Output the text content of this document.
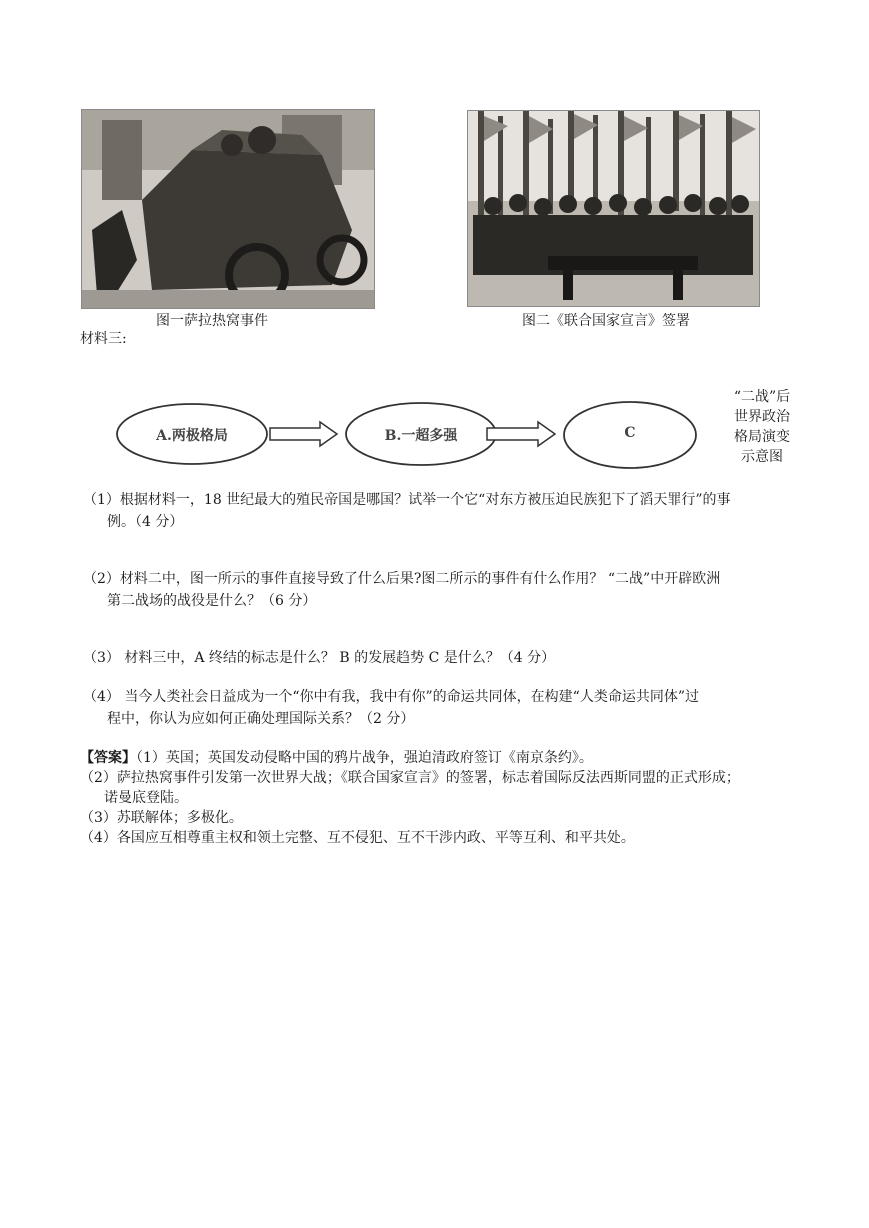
图一萨拉热窝事件	图二《联合国家宣言》签署
材料三:
A.两极格局	B.一超多强	C
“二战”后世界政治格局演变示意图
（1）根据材料一，18 世纪最大的殖民帝国是哪国？试举一个它“对东方被压迫民族犯下了滔天罪行”的事
例。（4 分）
（2）材料二中，图一所示的事件直接导致了什么后果?图二所示的事件有什么作用？ “二战”中开辟欧洲
第二战场的战役是什么？（6 分）
（3） 材料三中，A 终结的标志是什么？ B 的发展趋势 C 是什么？（4 分）
（4） 当今人类社会日益成为一个“你中有我，我中有你”的命运共同体，在构建“人类命运共同体”过
程中，你认为应如何正确处理国际关系？（2 分）
【答案】（1）英国；英国发动侵略中国的鸦片战争，强迫清政府签订《南京条约》。
（2）萨拉热窝事件引发第一次世界大战；《联合国家宣言》的签署，标志着国际反法西斯同盟的正式形成；
诺曼底登陆。
（3）苏联解体；多极化。
（4）各国应互相尊重主权和领土完整、互不侵犯、互不干涉内政、平等互利、和平共处。
